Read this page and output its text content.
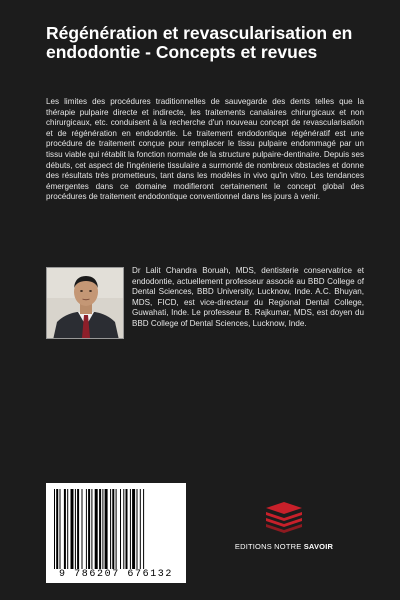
Régénération et revascularisation en endodontie - Concepts et revues

Les limites des procédures traditionnelles de sauvegarde des dents telles que la thérapie pulpaire directe et indirecte, les traitements canalaires chirurgicaux et non chirurgicaux, etc. conduisent à la recherche d'un nouveau concept de revascularisation et de régénération en endodontie. Le traitement endodontique régénératif est une procédure de traitement conçue pour remplacer le tissu pulpaire endommagé par un tissu viable qui rétablit la fonction normale de la structure pulpaire-dentinaire. Depuis ses débuts, cet aspect de l'ingénierie tissulaire a surmonté de nombreux obstacles et donne des résultats très prometteurs, tant dans les modèles in vivo qu'in vitro. Les tendances émergentes dans ce domaine modifieront certainement le concept global des procédures de traitement endodontique conventionnel dans les jours à venir.

Dr Lalit Chandra Boruah, MDS, dentisterie conservatrice et endodontie, actuellement professeur associé au BBD College of Dental Sciences, BBD University, Lucknow, Inde. A.C. Bhuyan, MDS, FICD, est vice-directeur du Regional Dental College, Guwahati, Inde. Le professeur B. Rajkumar, MDS, est doyen du BBD College of Dental Sciences, Lucknow, Inde.

9 786207 676132
EDITIONS NOTRE SAVOIR
